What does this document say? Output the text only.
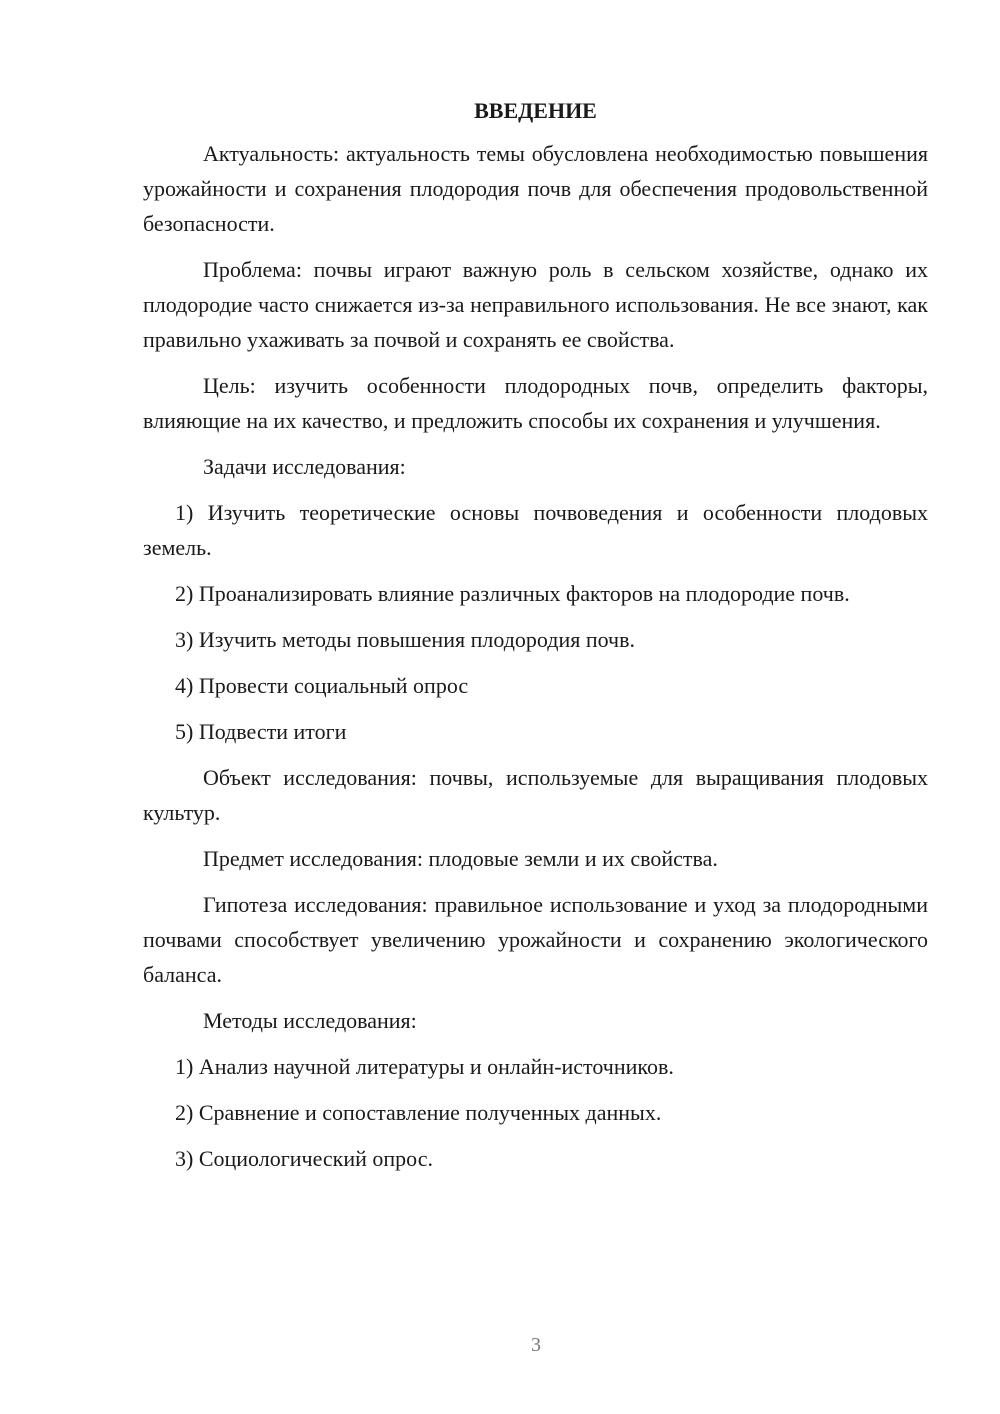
ВВЕДЕНИЕ

Актуальность: актуальность темы обусловлена необходимостью повышения урожайности и сохранения плодородия почв для обеспечения продовольственной безопасности.

Проблема: почвы играют важную роль в сельском хозяйстве, однако их плодородие часто снижается из-за неправильного использования. Не все знают, как правильно ухаживать за почвой и сохранять ее свойства.

Цель: изучить особенности плодородных почв, определить факторы, влияющие на их качество, и предложить способы их сохранения и улучшения.

Задачи исследования:

1) Изучить теоретические основы почвоведения и особенности плодовых земель.

2) Проанализировать влияние различных факторов на плодородие почв.

3) Изучить методы повышения плодородия почв.

4) Провести социальный опрос

5) Подвести итоги

Объект исследования: почвы, используемые для выращивания плодовых культур.

Предмет исследования: плодовые земли и их свойства.

Гипотеза исследования: правильное использование и уход за плодородными почвами способствует увеличению урожайности и сохранению экологического баланса.

Методы исследования:

1) Анализ научной литературы и онлайн-источников.

2) Сравнение и сопоставление полученных данных.

3) Социологический опрос.

3
